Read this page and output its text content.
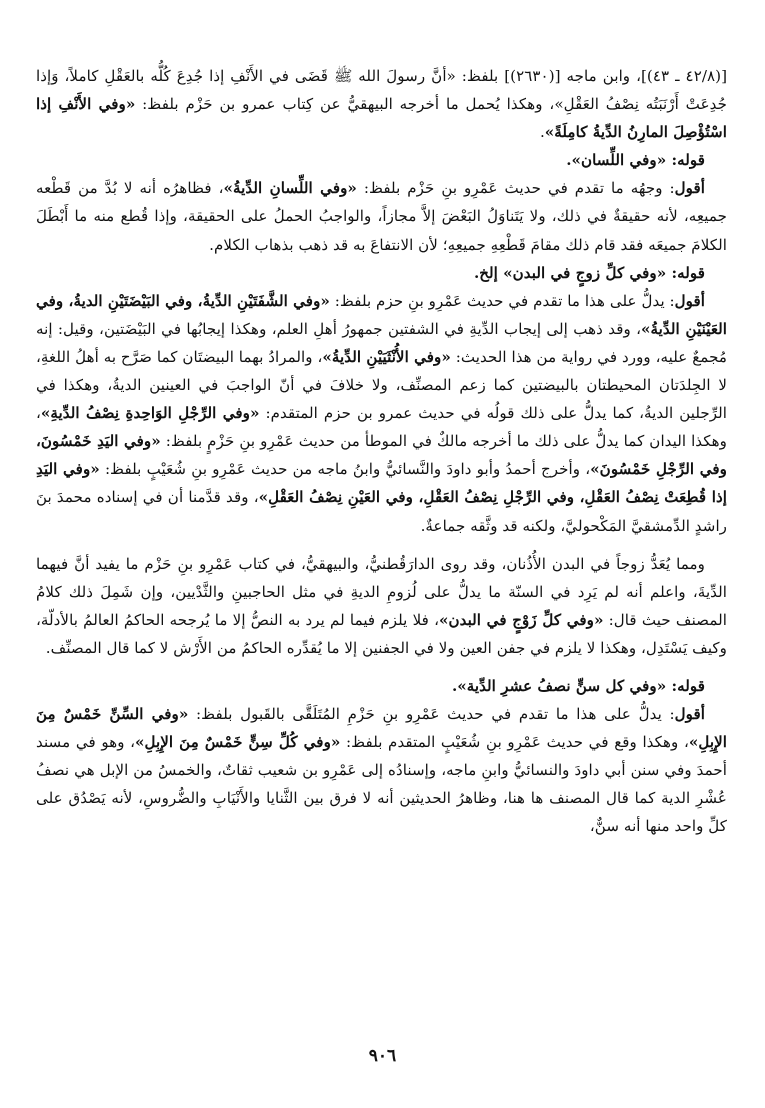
[(٤٢/٨ ـ ٤٣)]، وابن ماجه [(٢٦٣٠)] بلفظ: «أنَّ رسولَ الله ﷺ قَضَى في الأَنْفِ إذا جُدِعَ كُلُّه بالعَقْلِ كاملاً، وَإذا جُدِعَتْ أَرْنَبَتُه نِصْفُ العَقْلِ»، وهكذا يُحمل ما أخرجه البيهقيُّ عن كِتاب عمرو بن حَزْم بلفظ: «وفي الأَنْفِ إذا اسْتُؤْصِلَ المارِنُ الدِّيةُ كامِلَةً».

قوله: «وفي اللِّسان».

أقول: وجهُه ما تقدم في حديث عَمْرِو بنِ حَزْم بلفظ: «وفي اللِّسانِ الدِّيةُ»، فظاهرُه أنه لا بُدَّ من قَطْعه جميعِه، لأنه حقيقةٌ في ذلك، ولا يَتَناوَلُ البَعْضَ إلاَّ مجازاً، والواجبُ الحملُ على الحقيقة، وإذا قُطع منه ما أَبْطَلَ الكلامَ جميعَه فقد قام ذلك مقامَ قَطْعِهِ جميعِهِ؛ لأن الانتفاعَ به قد ذهب بذهاب الكلام.

قوله: «وفي كلِّ زوجٍ في البدن» إلخ.

أقول: يدلُّ على هذا ما تقدم في حديث عَمْرِو بنِ حزم بلفظ: «وفي الشَّفَتَيْنِ الدِّيةُ، وفي البَيْضَتَيْنِ الديةُ، وفي العَيْنَيْنِ الدِّيةُ»، وقد ذهب إلى إيجاب الدِّيةِ في الشفتين جمهورُ أهلِ العلم، وهكذا إيجابُها في البَيْضَتين، وقيل: إنه مُجمعٌ عليه، وورد في رواية من هذا الحديث: «وفي الأُنْثَيَيْنِ الدِّيةُ»، والمرادُ بهما البيضتَان كما صَرَّح به أهلُ اللغةِ، لا الجِلدَتان المحيطتان بالبيضتين كما زعم المصنِّف، ولا خلافَ في أنّ الواجبَ في العينين الديةُ، وهكذا في الرِّجلين الديةُ، كما يدلُّ على ذلك قولُه في حديث عمرو بن حزم المتقدم: «وفي الرِّجْلِ الوَاحِدةِ نِصْفُ الدِّيةِ»، وهكذا اليدان كما يدلُّ على ذلك ما أخرجه مالكٌ في الموطأ من حديث عَمْرِو بنِ حَزْمٍ بلفظ: «وفي اليَدِ خَمْسُونَ، وفي الرِّجْلِ خَمْسُونَ»، وأخرج أحمدُ وأبو داودَ والنَّسائيُّ وابنُ ماجه من حديث عَمْرِو بنِ شُعَيْبٍ بلفظ: «وفي اليَدِ إذا قُطِعَتْ نِصْفُ العَقْلِ، وفي الرِّجْلِ نِصْفُ العَقْلِ، وفي العَيْنِ نِصْفُ العَقْلِ»، وقد قدَّمنا أن في إسناده محمدَ بنَ راشدٍ الدِّمشقيَّ المَكْحوليَّ، ولكنه قد وثَّقه جماعةٌ.

ومما يُعَدُّ زوجاً في البدن الأُذُنان، وقد روى الدارَقُطنيُّ، والبيهقيُّ، في كتاب عَمْرِو بنِ حَزْم ما يفيد أنَّ فيهما الدِّيةَ، واعلم أنه لم يَرِد في السنّة ما يدلُّ على لُزومِ الديةِ في مثل الحاجبينِ والثَّدْيين، وإن شَمِلَ ذلك كلامُ المصنف حيث قال: «وفي كلِّ زَوْجٍ في البدن»، فلا يلزم فيما لم يرد به النصُّ إلا ما يُرجحه الحاكمُ العالمُ بالأدلّة، وكيف يَسْتَدِل، وهكذا لا يلزم في جفن العين ولا في الجفنين إلا ما يُقدِّره الحاكمُ من الأَرْش لا كما قال المصنِّف.

قوله: «وفي كل سنٍّ نصفُ عشرِ الدِّية».

أقول: يدلُّ على هذا ما تقدم في حديث عَمْرِو بنِ حَزْمِ المُتَلَقَّى بالقَبول بلفظ: «وفي السِّنِّ خَمْسٌ مِنَ الإِبِلِ»، وهكذا وقع في حديث عَمْرِو بنِ شُعَيْبٍ المتقدم بلفظ: «وفي كُلِّ سِنٍّ خَمْسٌ مِنَ الإِبِلِ»، وهو في مسند أحمدَ وفي سنن أبي داودَ والنسائيُّ وابنِ ماجه، وإسنادُه إلى عَمْرِو بن شعيب ثقاتٌ، والخمسُ من الإبل هي نصفُ عُشْرِ الدية كما قال المصنف ها هنا، وظاهرُ الحديثين أنه لا فرق بين الثَّنايا والأَنْيَابِ والضُّروسِ، لأنه يَصْدُق على كلِّ واحد منها أنه سنٌّ،

٩٠٦
